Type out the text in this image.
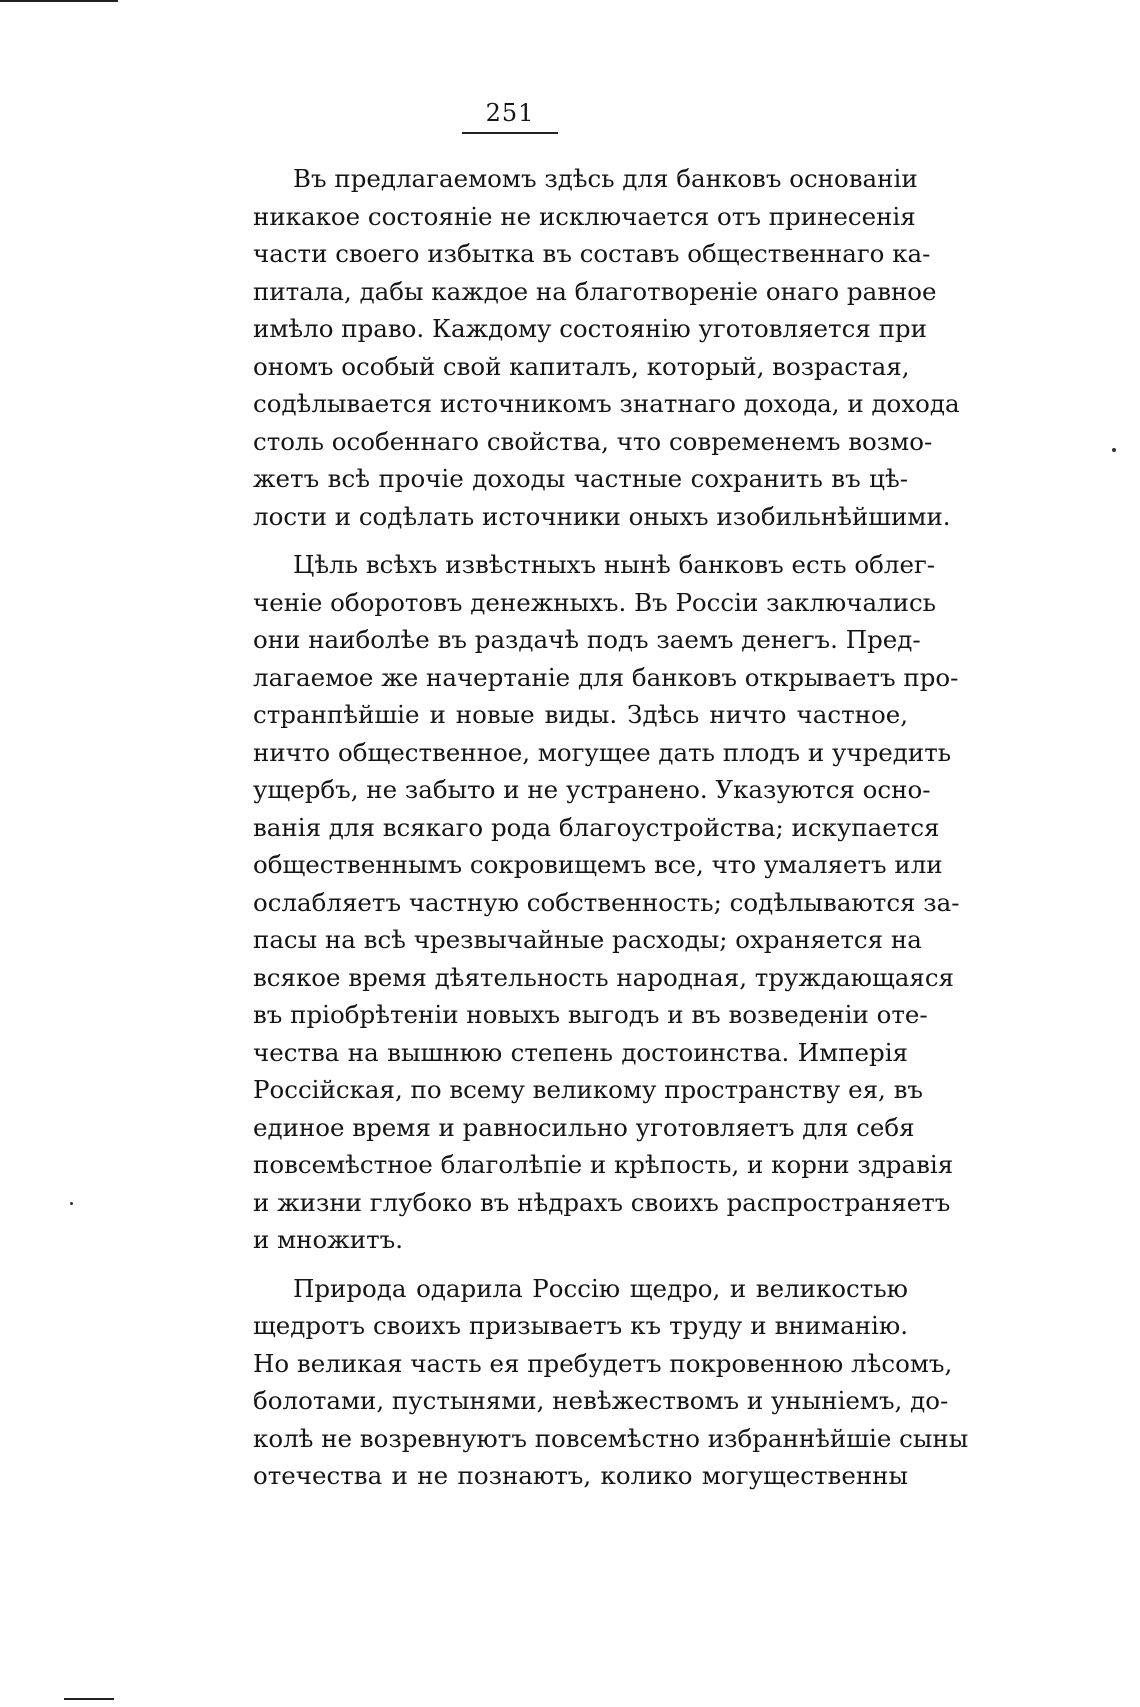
251

Въ предлагаемомъ здѣсь для банковъ основанiи
никакое состоянiе не исключается отъ принесенiя
части своего избытка въ составъ общественнаго ка-
питала, дабы каждое на благотворенiе онаго равное
имѣло право. Каждому состоянiю уготовляется при
ономъ особый свой капиталъ, который, возрастая,
содѣлывается источникомъ знатнаго дохода, и дохода
столь особеннаго свойства, что современемъ возмо-
жетъ всѣ прочiе доходы частные сохранить въ цѣ-
лости и содѣлать источники оныхъ изобильнѣйшими.

Цѣль всѣхъ извѣстныхъ нынѣ банковъ есть облег-
ченiе оборотовъ денежныхъ. Въ Россiи заключались
они наиболѣе въ раздачѣ подъ заемъ денегъ. Пред-
лагаемое же начертанiе для банковъ открываетъ про-
странпѣйшiе и новые виды. Здѣсь ничто частное,
ничто общественное, могущее дать плодъ и учредить
ущербъ, не забыто и не устранено. Указуются осно-
ванiя для всякаго рода благоустройства; искупается
общественнымъ сокровищемъ все, что умаляетъ или
ослабляетъ частную собственность; содѣлываются за-
пасы на всѣ чрезвычайные расходы; охраняется на
всякое время дѣятельность народная, труждающаяся
въ прiобрѣтенiи новыхъ выгодъ и въ возведенiи оте-
чества на вышнюю степень достоинства. Имперiя
Россiйская, по всему великому пространству ея, въ
единое время и равносильно уготовляетъ для себя
повсемѣстное благолѣпiе и крѣпость, и корни здравiя
и жизни глубоко въ нѣдрахъ своихъ распространяетъ
и множитъ.

Природа одарила Россiю щедро, и великостью
щедротъ своихъ призываетъ къ труду и вниманiю.
Но великая часть ея пребудетъ покровенною лѣсомъ,
болотами, пустынями, невѣжествомъ и унынiемъ, до-
колѣ не возревнуютъ повсемѣстно избраннѣйшiе сыны
отечества и не познаютъ, колико могущественны
